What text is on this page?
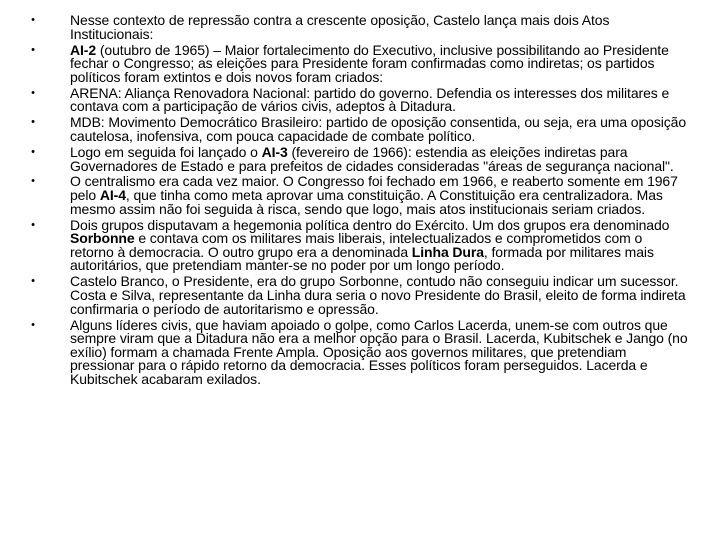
•	Nesse contexto de repressão contra a crescente oposição, Castelo lança mais dois Atos Institucionais:
•	AI-2 (outubro de 1965) – Maior fortalecimento do Executivo, inclusive possibilitando ao Presidente fechar o Congresso; as eleições para Presidente foram confirmadas como indiretas; os partidos políticos foram extintos e dois novos foram criados:
•	ARENA: Aliança Renovadora Nacional: partido do governo. Defendia os interesses dos militares e contava com a participação de vários civis, adeptos à Ditadura.
•	MDB: Movimento Democrático Brasileiro: partido de oposição consentida, ou seja, era uma oposição cautelosa, inofensiva, com pouca capacidade de combate político.
•	Logo em seguida foi lançado o AI-3 (fevereiro de 1966): estendia as eleições indiretas para Governadores de Estado e para prefeitos de cidades consideradas "áreas de segurança nacional".
•	O centralismo era cada vez maior. O Congresso foi fechado em 1966, e reaberto somente em 1967 pelo AI-4, que tinha como meta aprovar uma constituição. A Constituição era centralizadora. Mas mesmo assim não foi seguida à risca, sendo que logo, mais atos institucionais seriam criados.
•	Dois grupos disputavam a hegemonia política dentro do Exército. Um dos grupos era denominado Sorbonne e contava com os militares mais liberais, intelectualizados e comprometidos com o retorno à democracia. O outro grupo era a denominada Linha Dura, formada por militares mais autoritários, que pretendiam manter-se no poder por um longo período.
•	Castelo Branco, o Presidente, era do grupo Sorbonne, contudo não conseguiu indicar um sucessor. Costa e Silva, representante da Linha dura seria o novo Presidente do Brasil, eleito de forma indireta confirmaria o período de autoritarismo e opressão.
•	Alguns líderes civis, que haviam apoiado o golpe, como Carlos Lacerda, unem-se com outros que sempre viram que a Ditadura não era a melhor opção para o Brasil. Lacerda, Kubitschek e Jango (no exílio) formam a chamada Frente Ampla. Oposição aos governos militares, que pretendiam pressionar para o rápido retorno da democracia. Esses políticos foram perseguidos. Lacerda e Kubitschek acabaram exilados.
